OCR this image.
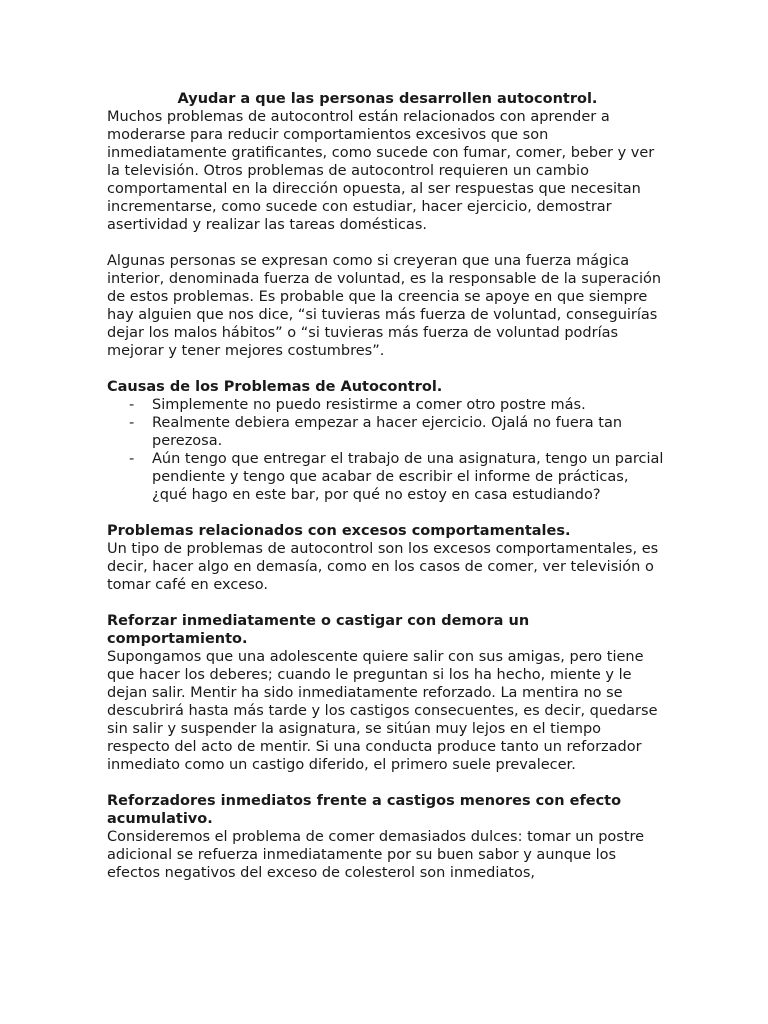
Ayudar a que las personas desarrollen autocontrol.

Muchos problemas de autocontrol están relacionados con aprender a moderarse para reducir comportamientos excesivos que son inmediatamente gratificantes, como sucede con fumar, comer, beber y ver la televisión. Otros problemas de autocontrol requieren un cambio comportamental en la dirección opuesta, al ser respuestas que necesitan incrementarse, como sucede con estudiar, hacer ejercicio, demostrar asertividad y realizar las tareas domésticas.

Algunas personas se expresan como si creyeran que una fuerza mágica interior, denominada fuerza de voluntad, es la responsable de la superación de estos problemas. Es probable que la creencia se apoye en que siempre hay alguien que nos dice, “si tuvieras más fuerza de voluntad, conseguirías dejar los malos hábitos” o “si tuvieras más fuerza de voluntad podrías mejorar y tener mejores costumbres”.

Causas de los Problemas de Autocontrol.
- Simplemente no puedo resistirme a comer otro postre más.
- Realmente debiera empezar a hacer ejercicio. Ojalá no fuera tan perezosa.
- Aún tengo que entregar el trabajo de una asignatura, tengo un parcial pendiente y tengo que acabar de escribir el informe de prácticas, ¿qué hago en este bar, por qué no estoy en casa estudiando?
Problemas relacionados con excesos comportamentales.

Un tipo de problemas de autocontrol son los excesos comportamentales, es decir, hacer algo en demasía, como en los casos de comer, ver televisión o tomar café en exceso.

Reforzar inmediatamente o castigar con demora un comportamiento.

Supongamos que una adolescente quiere salir con sus amigas, pero tiene que hacer los deberes; cuando le preguntan si los ha hecho, miente y le dejan salir. Mentir ha sido inmediatamente reforzado. La mentira no se descubrirá hasta más tarde y los castigos consecuentes, es decir, quedarse sin salir y suspender la asignatura, se sitúan muy lejos en el tiempo respecto del acto de mentir. Si una conducta produce tanto un reforzador inmediato como un castigo diferido, el primero suele prevalecer.

Reforzadores inmediatos frente a castigos menores con efecto acumulativo.

Consideremos el problema de comer demasiados dulces: tomar un postre adicional se refuerza inmediatamente por su buen sabor y aunque los efectos negativos del exceso de colesterol son inmediatos,
